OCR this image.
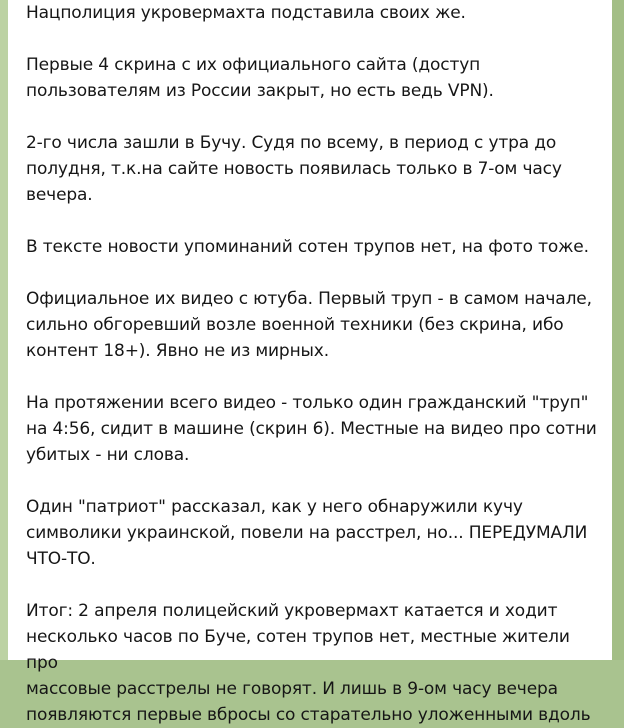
Нацполиция укровермахта подставила своих же.

Первые 4 скрина с их официального сайта (доступ
пользователям из России закрыт, но есть ведь VPN).

2-го числа зашли в Бучу. Судя по всему, в период с утра до
полудня, т.к.на сайте новость появилась только в 7-ом часу
вечера.

В тексте новости упоминаний сотен трупов нет, на фото тоже.

Официальное их видео с ютуба. Первый труп - в самом начале,
сильно обгоревший возле военной техники (без скрина, ибо
контент 18+). Явно не из мирных.

На протяжении всего видео - только один гражданский "труп"
на 4:56, сидит в машине (скрин 6). Местные на видео про сотни
убитых - ни слова.

Один "патриот" рассказал, как у него обнаружили кучу
символики украинской, повели на расстрел, но... ПЕРЕДУМАЛИ
ЧТО-ТО.

Итог: 2 апреля полицейский укровермахт катается и ходит
несколько часов по Буче, сотен трупов нет, местные жители про
массовые расстрелы не говорят. И лишь в 9-ом часу вечера
появляются первые вбросы со старательно уложенными вдоль
